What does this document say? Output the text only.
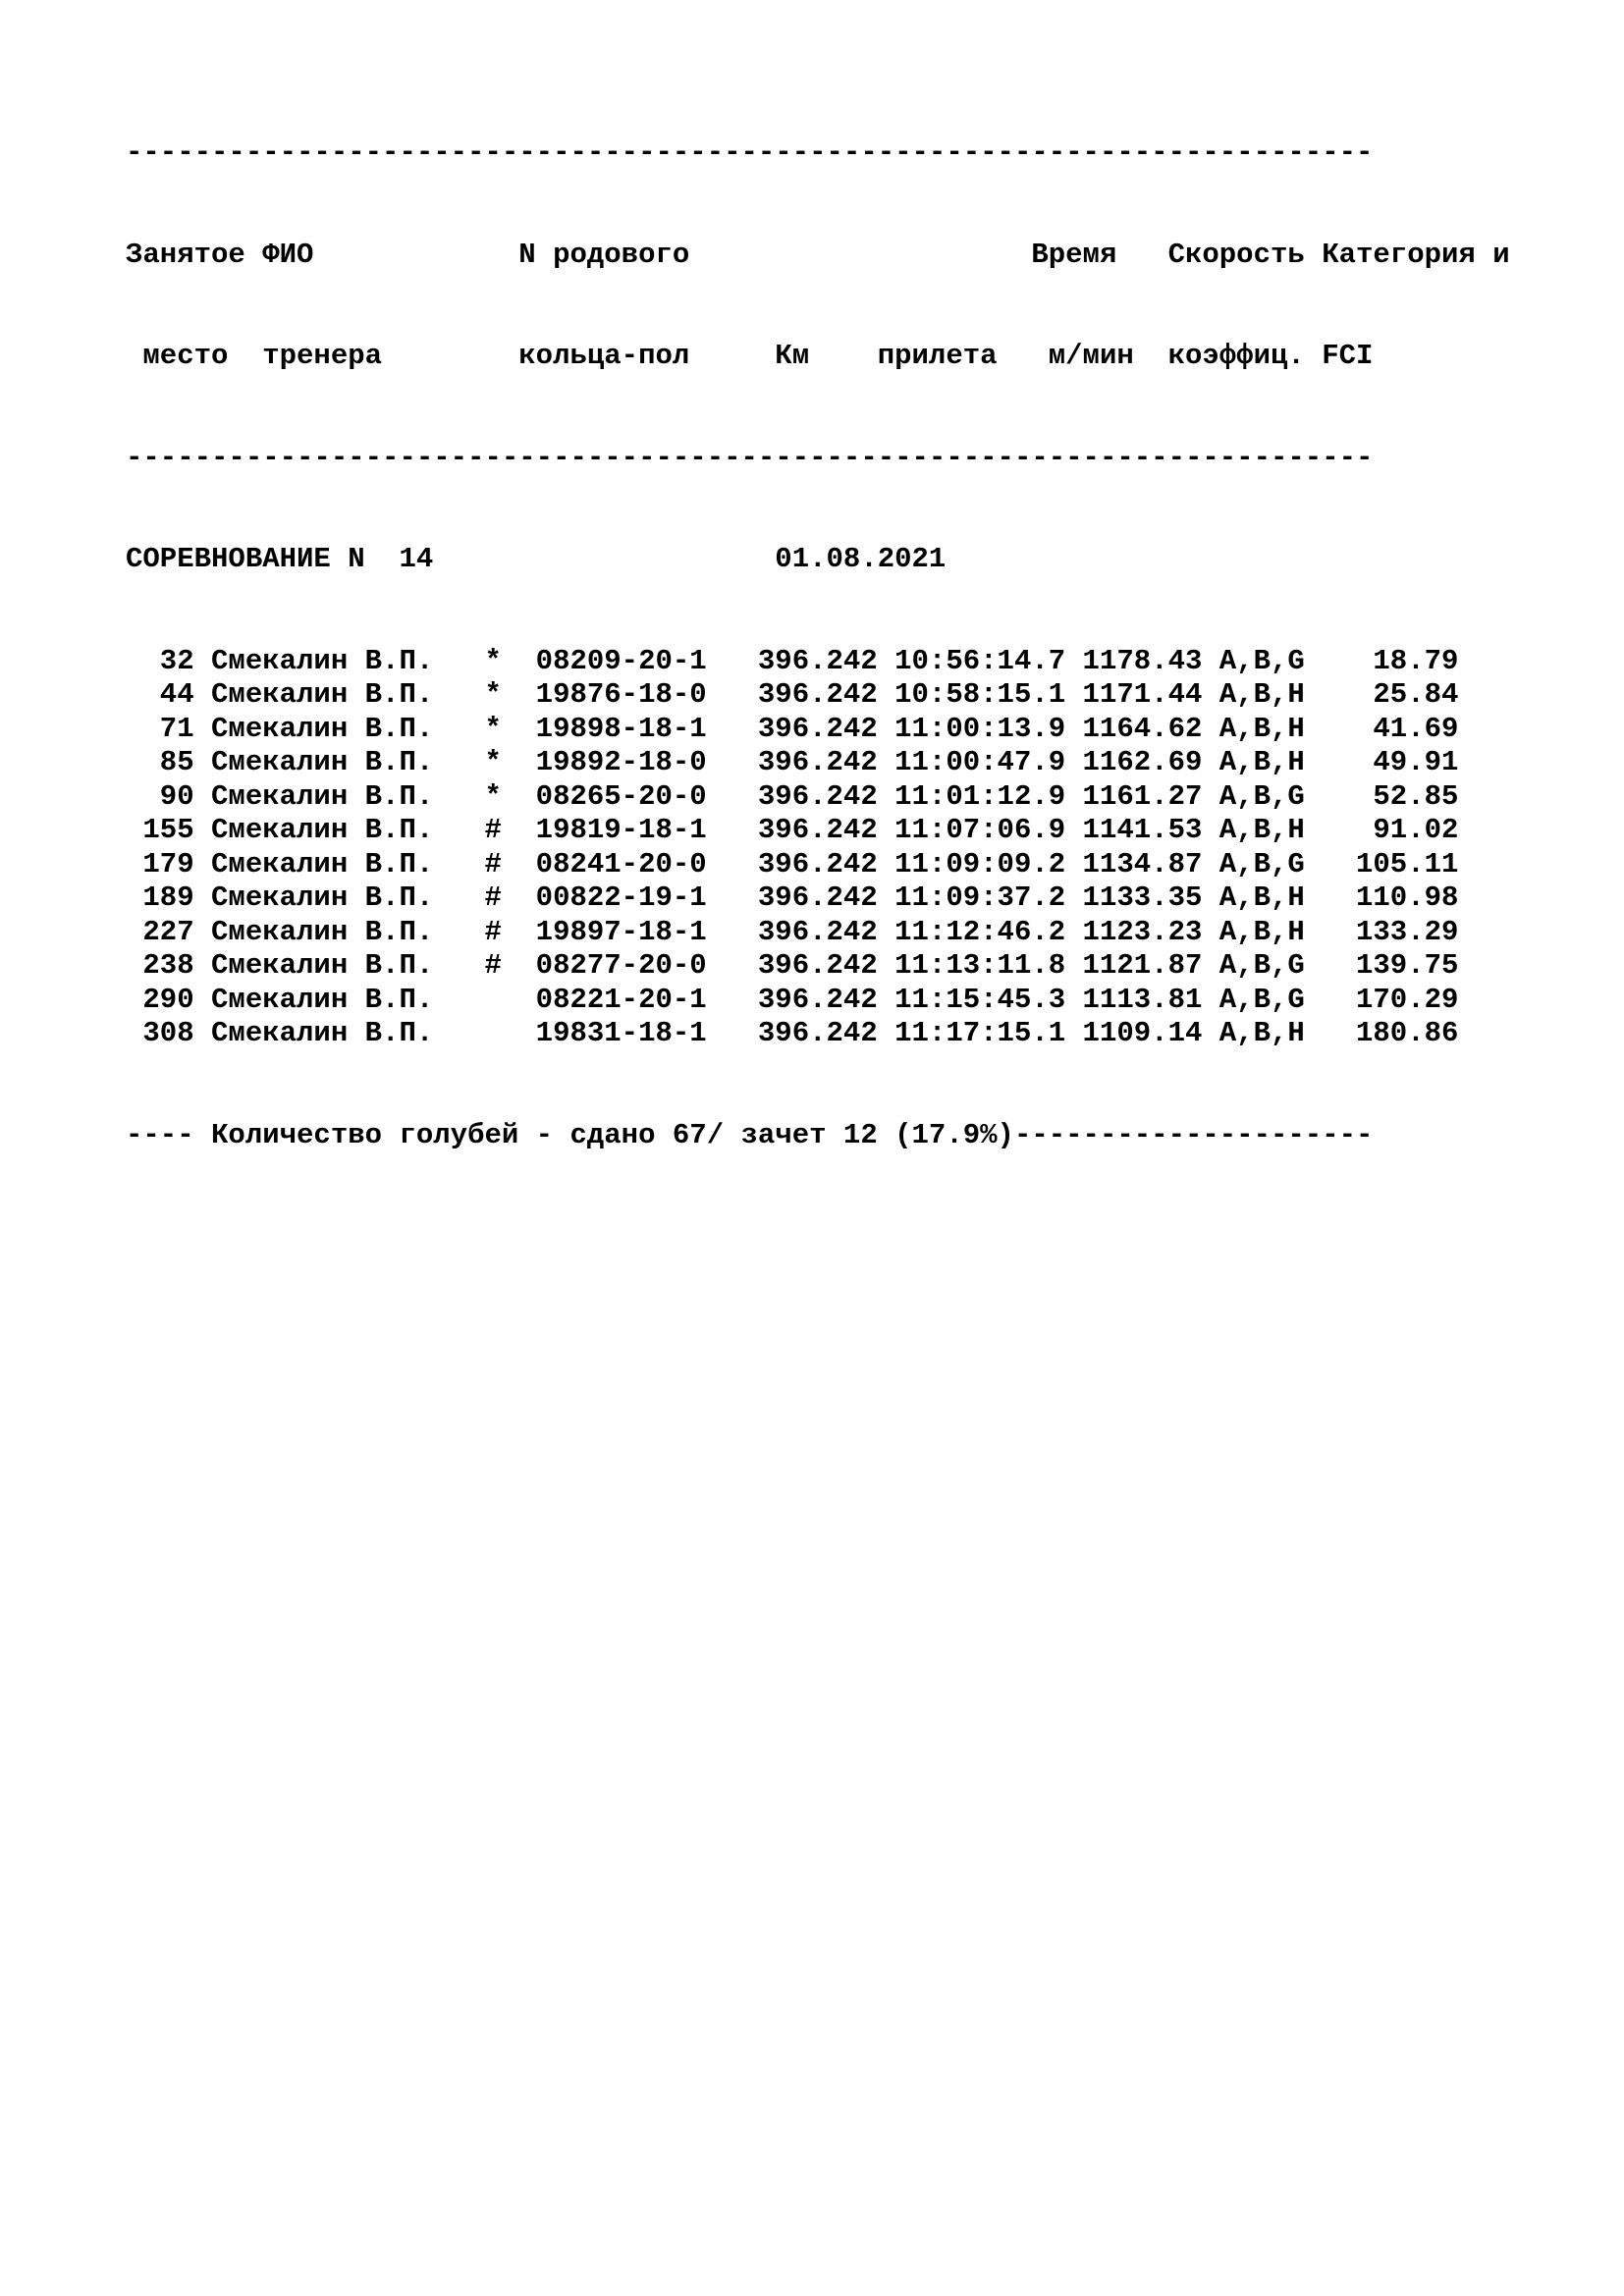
-------------------------------------------------------------------------

Занятое ФИО            N родового                    Время   Скорость Категория и

место  тренера        кольца-пол     Км    прилета   м/мин  коэффиц. FCI

-------------------------------------------------------------------------

СОРЕВНОВАНИЕ N  14                    01.08.2021

32 Смекалин В.П.   *  08209-20-1   396.242 10:56:14.7 1178.43 A,B,G    18.79
44 Смекалин В.П.   *  19876-18-0   396.242 10:58:15.1 1171.44 A,B,H    25.84
71 Смекалин В.П.   *  19898-18-1   396.242 11:00:13.9 1164.62 A,B,H    41.69
85 Смекалин В.П.   *  19892-18-0   396.242 11:00:47.9 1162.69 A,B,H    49.91
90 Смекалин В.П.   *  08265-20-0   396.242 11:01:12.9 1161.27 A,B,G    52.85
155 Смекалин В.П.   #  19819-18-1   396.242 11:07:06.9 1141.53 A,B,H    91.02
179 Смекалин В.П.   #  08241-20-0   396.242 11:09:09.2 1134.87 A,B,G   105.11
189 Смекалин В.П.   #  00822-19-1   396.242 11:09:37.2 1133.35 A,B,H   110.98
227 Смекалин В.П.   #  19897-18-1   396.242 11:12:46.2 1123.23 A,B,H   133.29
238 Смекалин В.П.   #  08277-20-0   396.242 11:13:11.8 1121.87 A,B,G   139.75
290 Смекалин В.П.      08221-20-1   396.242 11:15:45.3 1113.81 A,B,G   170.29
308 Смекалин В.П.      19831-18-1   396.242 11:17:15.1 1109.14 A,B,H   180.86

---- Количество голубей - сдано 67/ зачет 12 (17.9%)---------------------
